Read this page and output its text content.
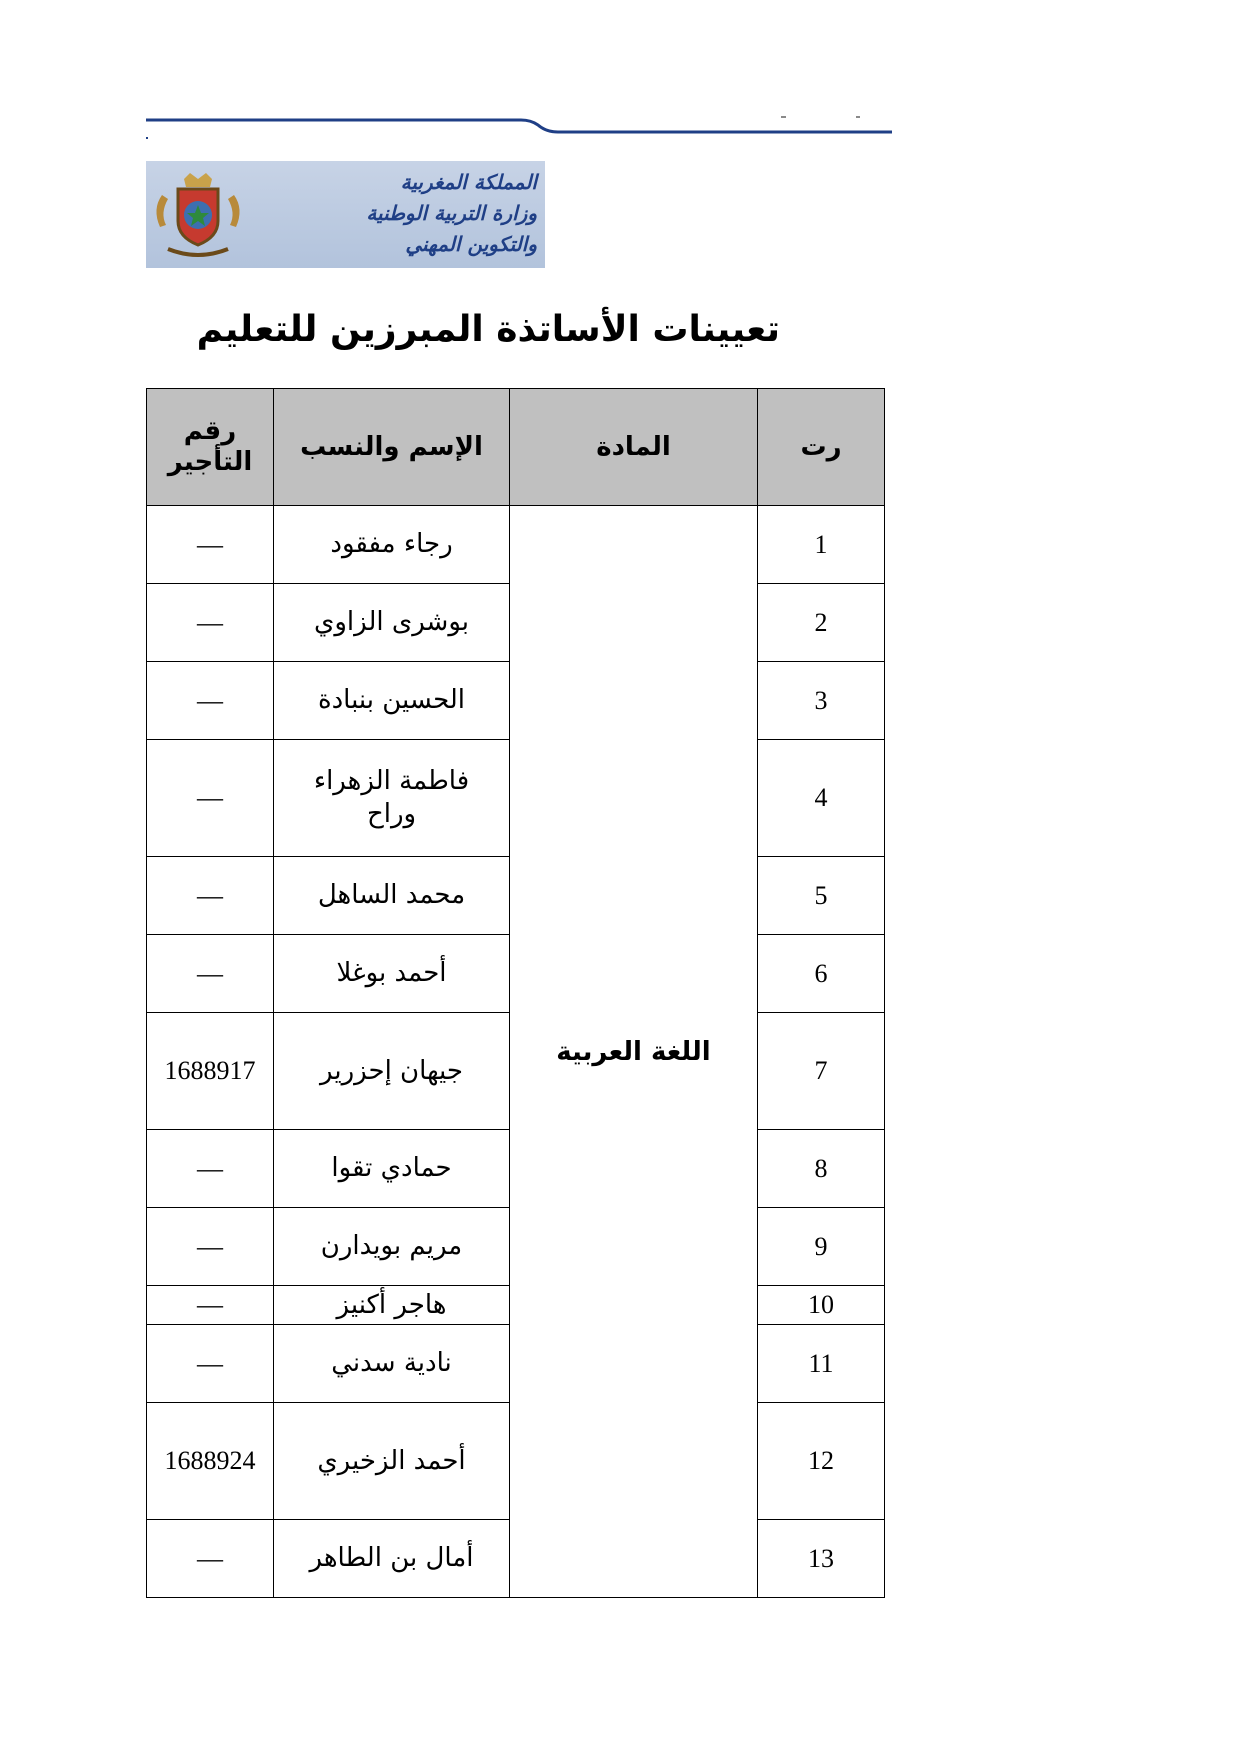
المملكة المغربية
وزارة التربية الوطنية
والتكوين المهني
تعيينات الأساتذة المبرزين للتعليم
رقم التأجير	الإسم والنسب	المادة	رت
—	رجاء مفقود	اللغة العربية	1
—	بوشرى الزاوي		2
—	الحسين بنبادة		3
—	فاطمة الزهراء وراح		4
—	محمد الساهل		5
—	أحمد بوغلا		6
1688917	جيهان إحزرير		7
—	حمادي تقوا		8
—	مريم بويدارن		9
—	هاجر أكنيز		10
—	نادية سدني		11
1688924	أحمد الزخيري		12
—	أمال بن الطاهر		13
